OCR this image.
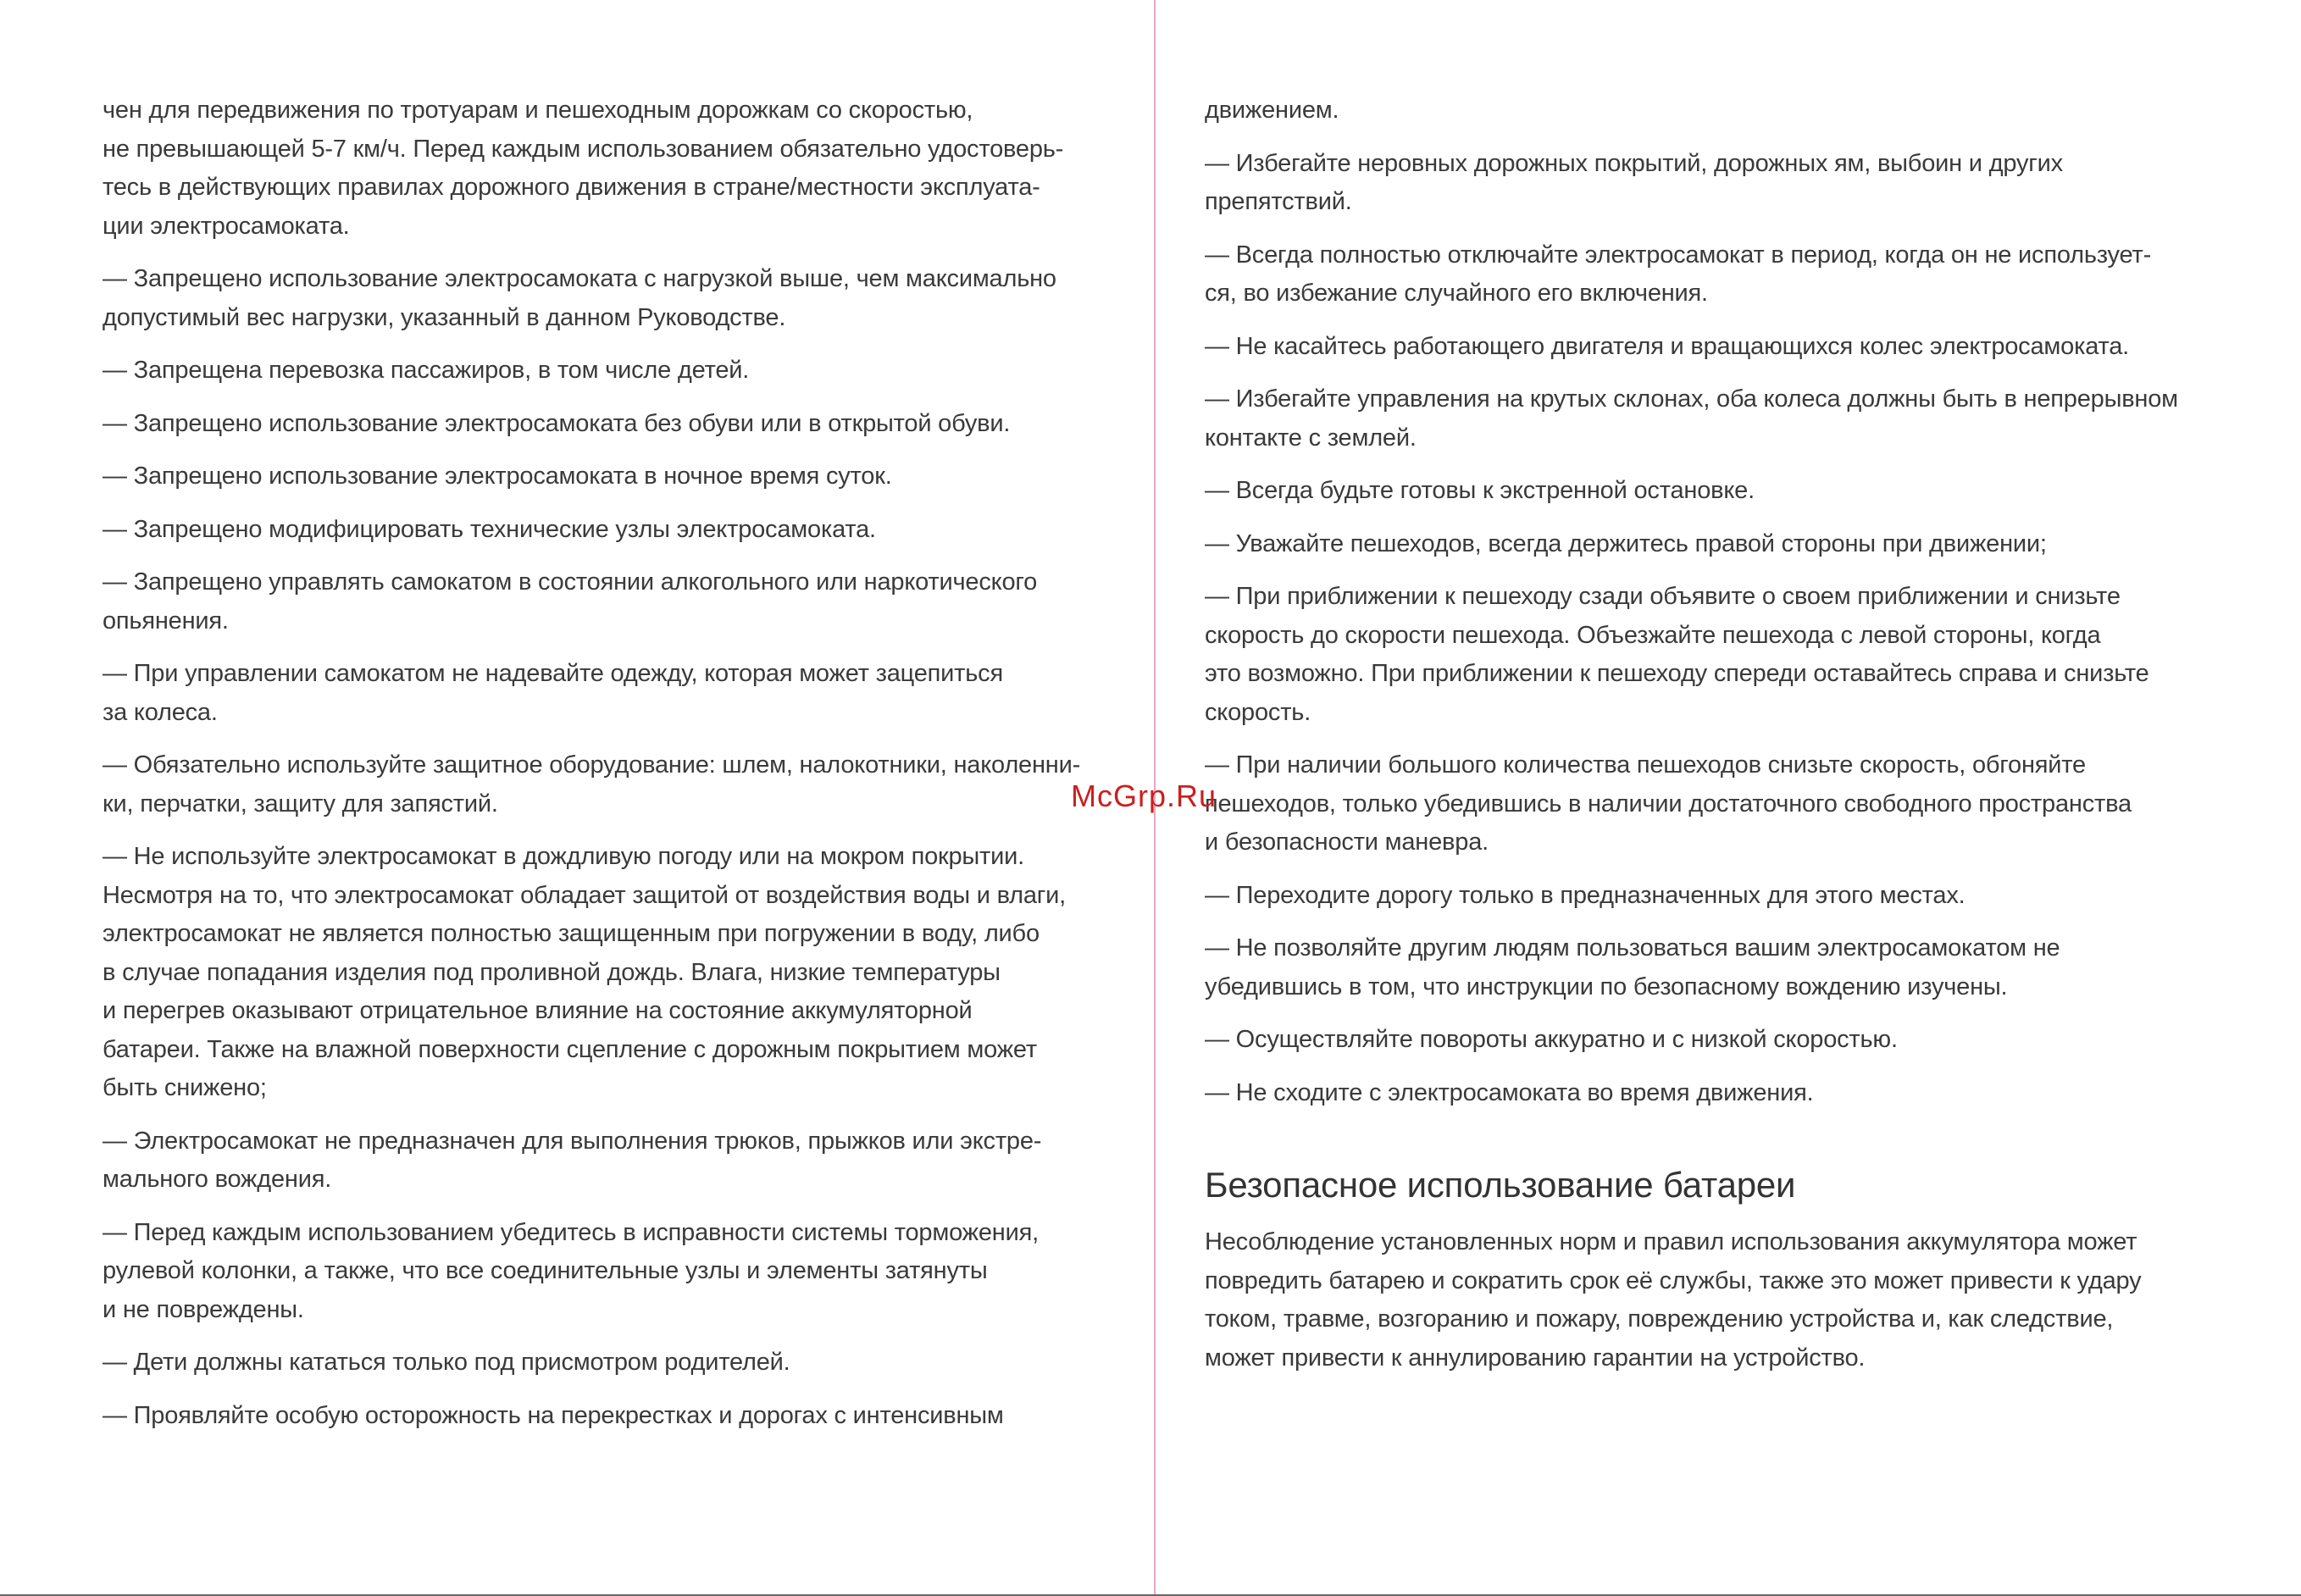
чен для передвижения по тротуарам и пешеходным дорожкам со скоростью,
не превышающей 5-7 км/ч. Перед каждым использованием обязательно удостоверь-
тесь в действующих правилах дорожного движения в стране/местности эксплуата-
ции электросамоката.

— Запрещено использование электросамоката с нагрузкой выше, чем максимально
допустимый вес нагрузки, указанный в данном Руководстве.

— Запрещена перевозка пассажиров, в том числе детей.

— Запрещено использование электросамоката без обуви или в открытой обуви.

— Запрещено использование электросамоката в ночное время суток.

— Запрещено модифицировать технические узлы электросамоката.

— Запрещено управлять самокатом в состоянии алкогольного или наркотического
опьянения.

— При управлении самокатом не надевайте одежду, которая может зацепиться
за колеса.

— Обязательно используйте защитное оборудование: шлем, налокотники, наколенни-
ки, перчатки, защиту для запястий.

— Не используйте электросамокат в дождливую погоду или на мокром покрытии.
Несмотря на то, что электросамокат обладает защитой от воздействия воды и влаги,
электросамокат не является полностью защищенным при погружении в воду, либо
в случае попадания изделия под проливной дождь. Влага, низкие температуры
и перегрев оказывают отрицательное влияние на состояние аккумуляторной
батареи. Также на влажной поверхности сцепление с дорожным покрытием может
быть снижено;

— Электросамокат не предназначен для выполнения трюков, прыжков или экстре-
мального вождения.

— Перед каждым использованием убедитесь в исправности системы торможения,
рулевой колонки, а также, что все соединительные узлы и элементы затянуты
и не повреждены.

— Дети должны кататься только под присмотром родителей.

— Проявляйте особую осторожность на перекрестках и дорогах с интенсивным

движением.

— Избегайте неровных дорожных покрытий, дорожных ям, выбоин и других
препятствий.

— Всегда полностью отключайте электросамокат в период, когда он не использует-
ся, во избежание случайного его включения.

— Не касайтесь работающего двигателя и вращающихся колес электросамоката.

— Избегайте управления на крутых склонах, оба колеса должны быть в непрерывном
контакте с землей.

— Всегда будьте готовы к экстренной остановке.

— Уважайте пешеходов, всегда держитесь правой стороны при движении;

— При приближении к пешеходу сзади объявите о своем приближении и снизьте
скорость до скорости пешехода. Объезжайте пешехода с левой стороны, когда
это возможно. При приближении к пешеходу спереди оставайтесь справа и снизьте
скорость.

— При наличии большого количества пешеходов снизьте скорость, обгоняйте
пешеходов, только убедившись в наличии достаточного свободного пространства
и безопасности маневра.

— Переходите дорогу только в предназначенных для этого местах.

— Не позволяйте другим людям пользоваться вашим электросамокатом не
убедившись в том, что инструкции по безопасному вождению изучены.

— Осуществляйте повороты аккуратно и с низкой скоростью.

— Не сходите с электросамоката во время движения.

Безопасное использование батареи

Несоблюдение установленных норм и правил использования аккумулятора может
повредить батарею и сократить срок её службы, также это может привести к удару
током, травме, возгоранию и пожару, повреждению устройства и, как следствие,
может привести к аннулированию гарантии на устройство.

McGrp.Ru
